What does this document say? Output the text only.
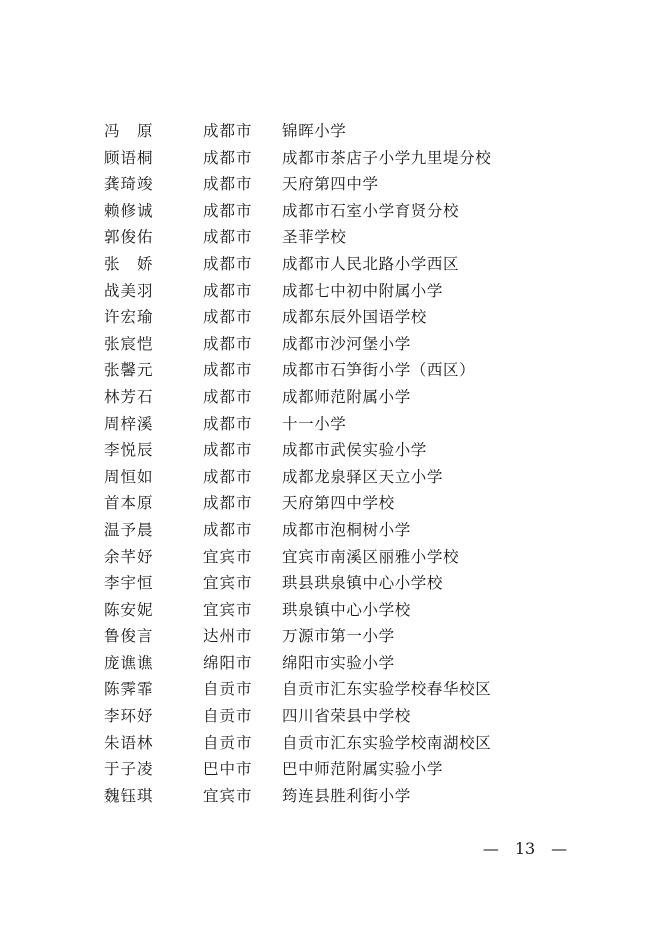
冯　原	成都市 锦晖小学
顾语桐	成都市 成都市茶店子小学九里堤分校
龚琦竣	成都市 天府第四中学
赖修诚	成都市 成都市石室小学育贤分校
郭俊佑	成都市 圣菲学校
张　娇	成都市 成都市人民北路小学西区
战美羽	成都市 成都七中初中附属小学
许宏瑜	成都市 成都东辰外国语学校
张宸恺	成都市 成都市沙河堡小学
张馨元	成都市 成都市石笋街小学（西区）
林芳石	成都市 成都师范附属小学
周梓溪	成都市 十一小学
李悦辰	成都市 成都市武侯实验小学
周恒如	成都市 成都龙泉驿区天立小学
首本原	成都市 天府第四中学校
温予晨	成都市 成都市泡桐树小学
余芊妤	宜宾市 宜宾市南溪区丽雅小学校
李宇恒	宜宾市 珙县珙泉镇中心小学校
陈安妮	宜宾市 珙泉镇中心小学校
鲁俊言	达州市 万源市第一小学
庞谯谯	绵阳市 绵阳市实验小学
陈霁霏	自贡市 自贡市汇东实验学校春华校区
李环妤	自贡市 四川省荣县中学校
朱语林	自贡市 自贡市汇东实验学校南湖校区
于子凌	巴中市 巴中师范附属实验小学
魏钰琪	宜宾市 筠连县胜利街小学
—　13　—
